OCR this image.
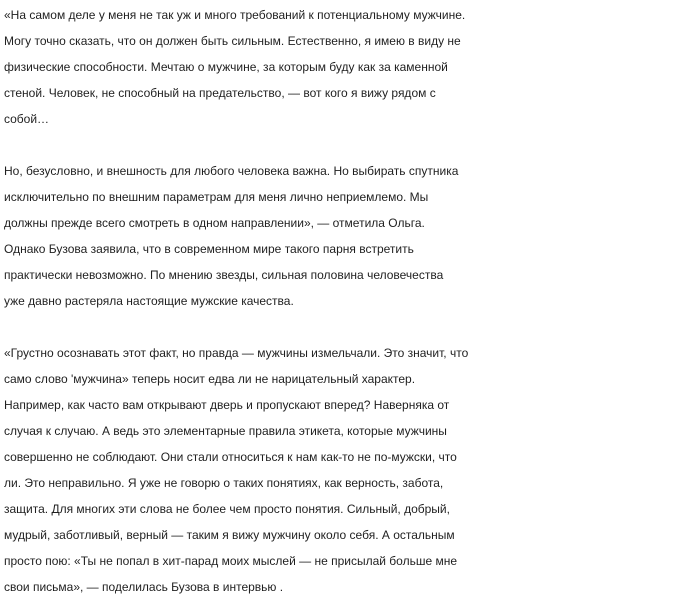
«На самом деле у меня не так уж и много требований к потенциальному мужчине.
Могу точно сказать, что он должен быть сильным. Естественно, я имею в виду не
физические способности. Мечтаю о мужчине, за которым буду как за каменной
стеной. Человек, не способный на предательство, — вот кого я вижу рядом с
собой…

Но, безусловно, и внешность для любого человека важна. Но выбирать спутника
исключительно по внешним параметрам для меня лично неприемлемо. Мы
должны прежде всего смотреть в одном направлении», — отметила Ольга.
Однако Бузова заявила, что в современном мире такого парня встретить
практически невозможно. По мнению звезды, сильная половина человечества
уже давно растеряла настоящие мужские качества.

«Грустно осознавать этот факт, но правда — мужчины измельчали. Это значит, что
само слово 'мужчина» теперь носит едва ли не нарицательный характер.
Например, как часто вам открывают дверь и пропускают вперед? Наверняка от
случая к случаю. А ведь это элементарные правила этикета, которые мужчины
совершенно не соблюдают. Они стали относиться к нам как-то не по-мужски, что
ли. Это неправильно. Я уже не говорю о таких понятиях, как верность, забота,
защита. Для многих эти слова не более чем просто понятия. Сильный, добрый,
мудрый, заботливый, верный — таким я вижу мужчину около себя. А остальным
просто пою: «Ты не попал в хит-парад моих мыслей — не присылай больше мне
свои письма», — поделилась Бузова в интервью .
